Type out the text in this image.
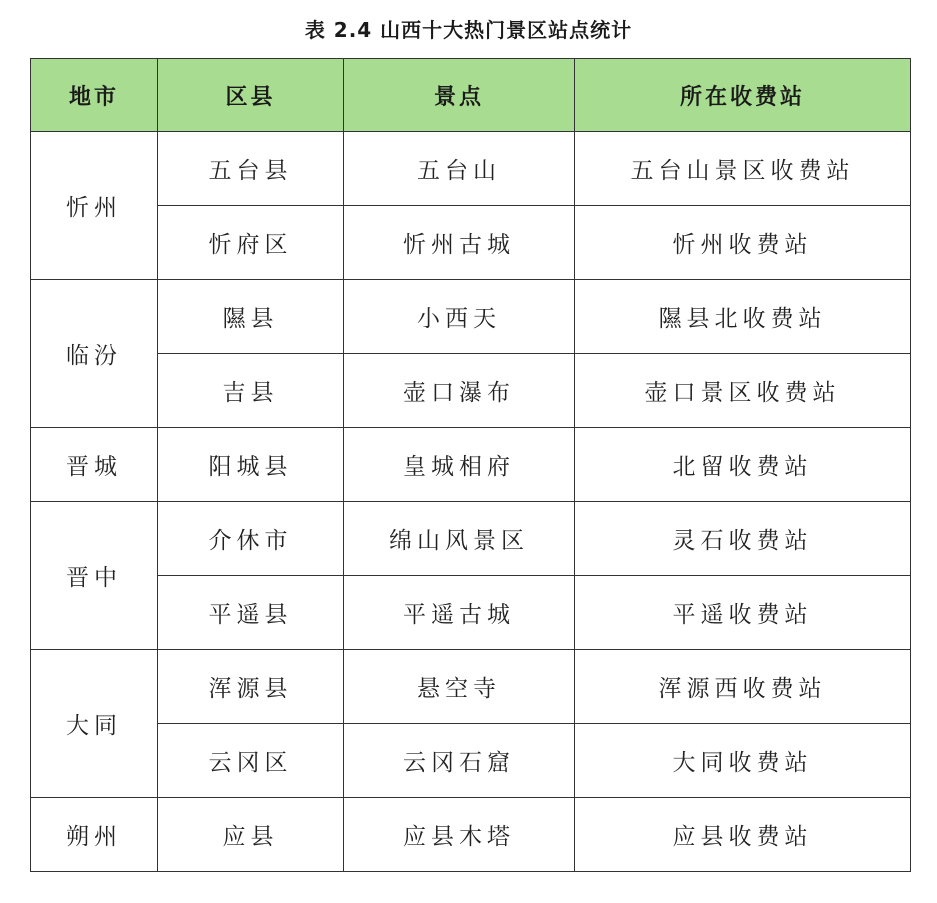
表 2.4 山西十大热门景区站点统计
地市	区县	景点	所在收费站
忻州	五台县	五台山	五台山景区收费站
	忻府区	忻州古城	忻州收费站
临汾	隰县	小西天	隰县北收费站
	吉县	壶口瀑布	壶口景区收费站
晋城	阳城县	皇城相府	北留收费站
晋中	介休市	绵山风景区	灵石收费站
	平遥县	平遥古城	平遥收费站
大同	浑源县	悬空寺	浑源西收费站
	云冈区	云冈石窟	大同收费站
朔州	应县	应县木塔	应县收费站
